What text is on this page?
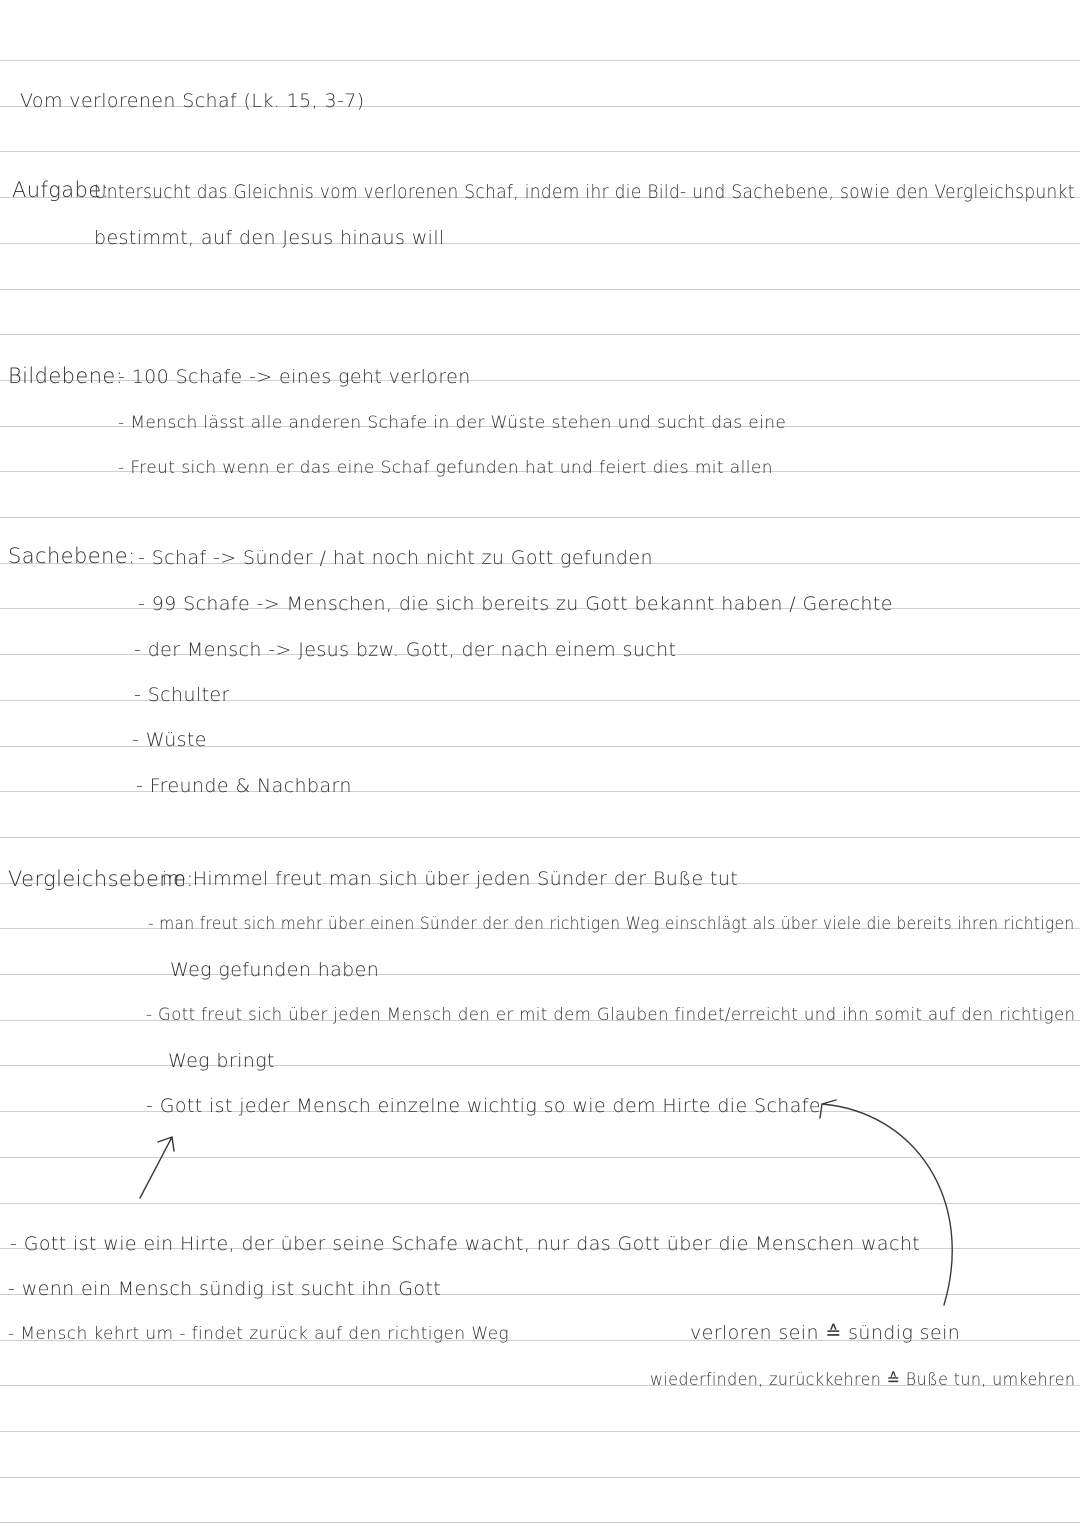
Vom verlorenen Schaf (Lk. 15, 3-7)
Aufgabe:
Untersucht das Gleichnis vom verlorenen Schaf, indem ihr die Bild- und Sachebene, sowie den Vergleichspunkt
bestimmt, auf den Jesus hinaus will
Bildebene:
- 100 Schafe -> eines geht verloren
- Mensch lässt alle anderen Schafe in der Wüste stehen und sucht das eine
- Freut sich wenn er das eine Schaf gefunden hat und feiert dies mit allen
Sachebene: - Schaf -> Sünder / hat noch nicht zu Gott gefunden
- 99 Schafe -> Menschen, die sich bereits zu Gott bekannt haben / Gerechte
- der Mensch -> Jesus bzw. Gott, der nach einem sucht
- Schulter
- Wüste
- Freunde & Nachbarn
Vergleichsebene:
- im Himmel freut man sich über jeden Sünder der Buße tut
- man freut sich mehr über einen Sünder der den richtigen Weg einschlägt als über viele die bereits ihren richtigen
Weg gefunden haben
- Gott freut sich über jeden Mensch den er mit dem Glauben findet/erreicht und ihn somit auf den richtigen
Weg bringt
- Gott ist jeder Mensch einzelne wichtig so wie dem Hirte die Schafe
- Gott ist wie ein Hirte, der über seine Schafe wacht, nur das Gott über die Menschen wacht
- wenn ein Mensch sündig ist sucht ihn Gott
- Mensch kehrt um - findet zurück auf den richtigen Weg	verloren sein ≙ sündig sein
wiederfinden, zurückkehren ≙ Buße tun, umkehren
